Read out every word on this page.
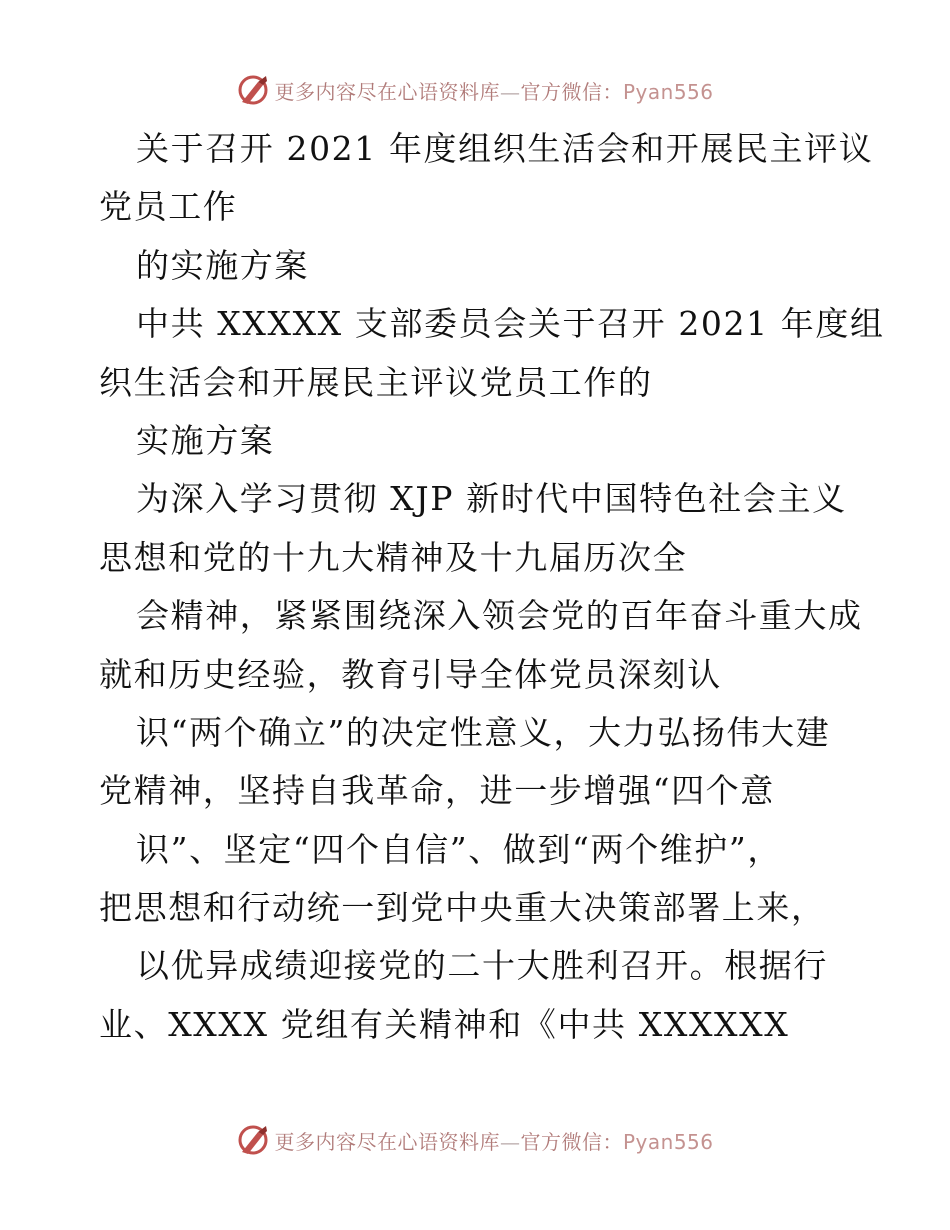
更多内容尽在心语资料库—官方微信：Pyan556
关于召开 2021 年度组织生活会和开展民主评议
党员工作
的实施方案
中共 XXXXX 支部委员会关于召开 2021 年度组
织生活会和开展民主评议党员工作的
实施方案
为深入学习贯彻 XJP 新时代中国特色社会主义
思想和党的十九大精神及十九届历次全
会精神，紧紧围绕深入领会党的百年奋斗重大成
就和历史经验，教育引导全体党员深刻认
识“两个确立”的决定性意义，大力弘扬伟大建
党精神，坚持自我革命，进一步增强“四个意
识”、坚定“四个自信”、做到“两个维护”，
把思想和行动统一到党中央重大决策部署上来，
以优异成绩迎接党的二十大胜利召开。根据行
业、XXXX 党组有关精神和《中共 XXXXXX
更多内容尽在心语资料库—官方微信：Pyan556
